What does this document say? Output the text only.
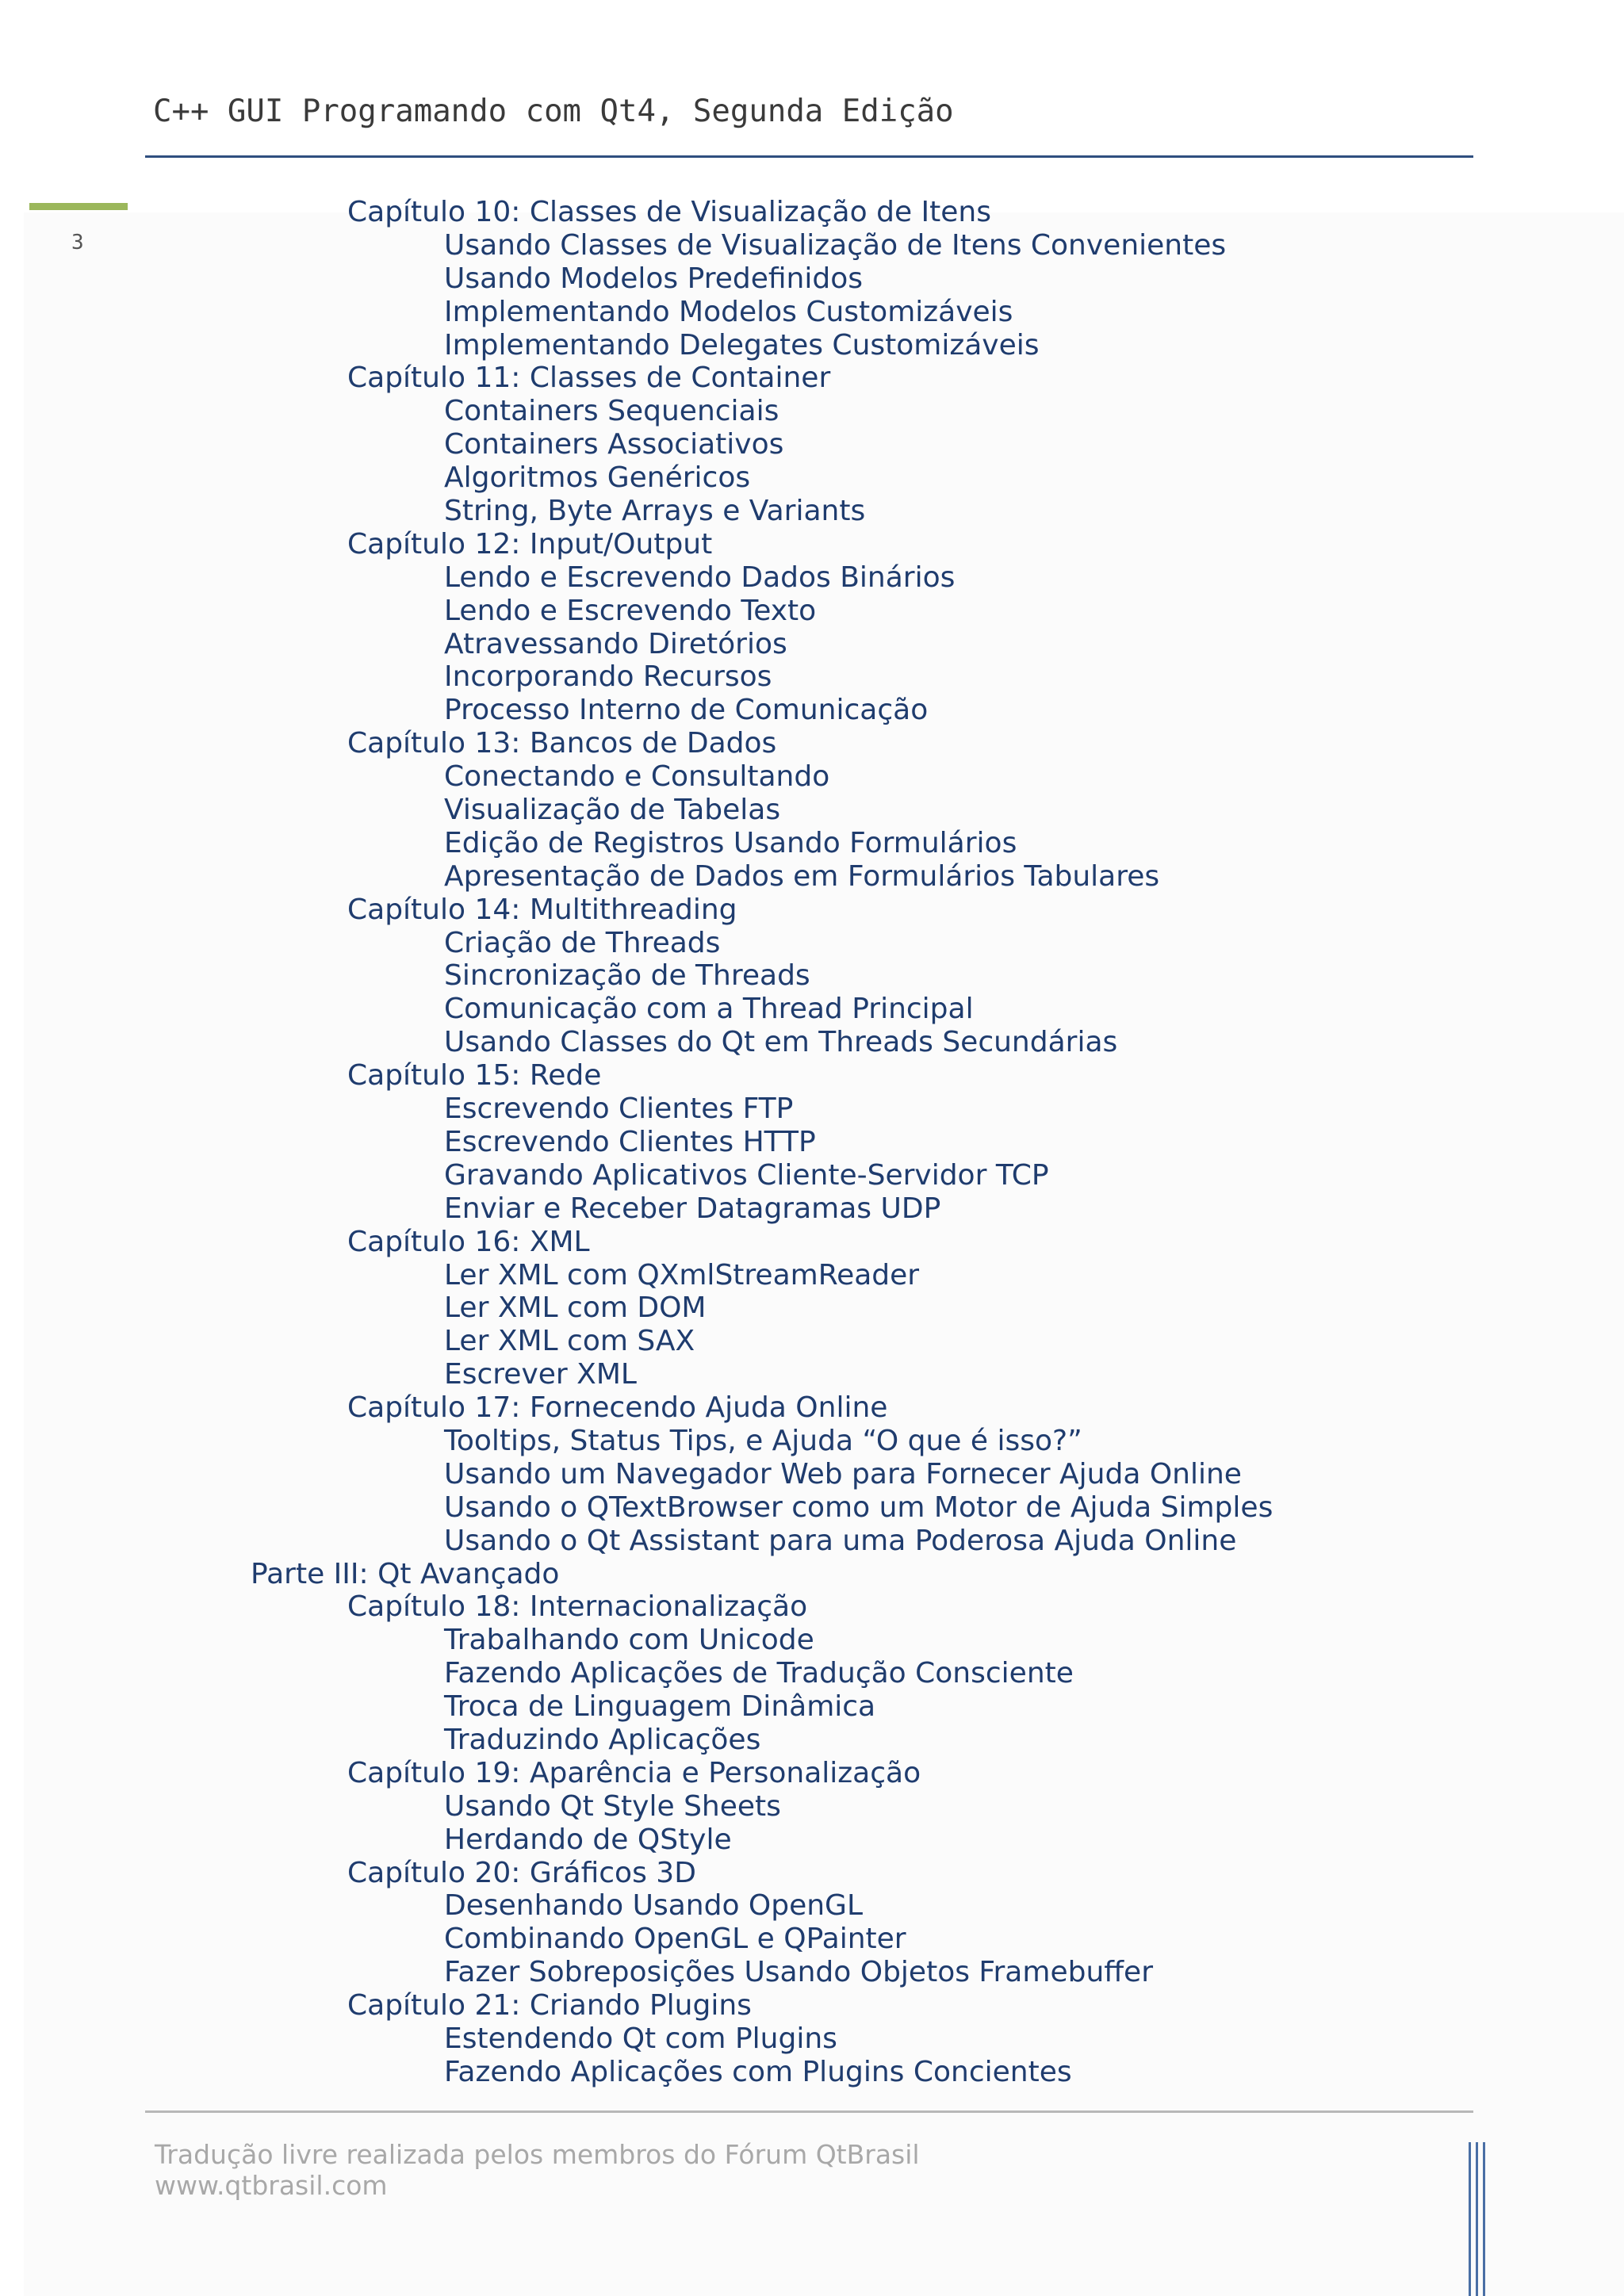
C++ GUI Programando com Qt4, Segunda Edição
3
Capítulo 10: Classes de Visualização de Itens
Usando Classes de Visualização de Itens Convenientes
Usando Modelos Predefinidos
Implementando Modelos Customizáveis
Implementando Delegates Customizáveis
Capítulo 11: Classes de Container
Containers Sequenciais
Containers Associativos
Algoritmos Genéricos
String, Byte Arrays e Variants
Capítulo 12: Input/Output
Lendo e Escrevendo Dados Binários
Lendo e Escrevendo Texto
Atravessando Diretórios
Incorporando Recursos
Processo Interno de Comunicação
Capítulo 13: Bancos de Dados
Conectando e Consultando
Visualização de Tabelas
Edição de Registros Usando Formulários
Apresentação de Dados em Formulários Tabulares
Capítulo 14: Multithreading
Criação de Threads
Sincronização de Threads
Comunicação com a Thread Principal
Usando Classes do Qt em Threads Secundárias
Capítulo 15: Rede
Escrevendo Clientes FTP
Escrevendo Clientes HTTP
Gravando Aplicativos Cliente-Servidor TCP
Enviar e Receber Datagramas UDP
Capítulo 16: XML
Ler XML com QXmlStreamReader
Ler XML com DOM
Ler XML com SAX
Escrever XML
Capítulo 17: Fornecendo Ajuda Online
Tooltips, Status Tips, e Ajuda “O que é isso?”
Usando um Navegador Web para Fornecer Ajuda Online
Usando o QTextBrowser como um Motor de Ajuda Simples
Usando o Qt Assistant para uma Poderosa Ajuda Online
Parte III: Qt Avançado
Capítulo 18: Internacionalização
Trabalhando com Unicode
Fazendo Aplicações de Tradução Consciente
Troca de Linguagem Dinâmica
Traduzindo Aplicações
Capítulo 19: Aparência e Personalização
Usando Qt Style Sheets
Herdando de QStyle
Capítulo 20: Gráficos 3D
Desenhando Usando OpenGL
Combinando OpenGL e QPainter
Fazer Sobreposições Usando Objetos Framebuffer
Capítulo 21: Criando Plugins
Estendendo Qt com Plugins
Fazendo Aplicações com Plugins Concientes
Tradução livre realizada pelos membros do Fórum QtBrasil
www.qtbrasil.com
